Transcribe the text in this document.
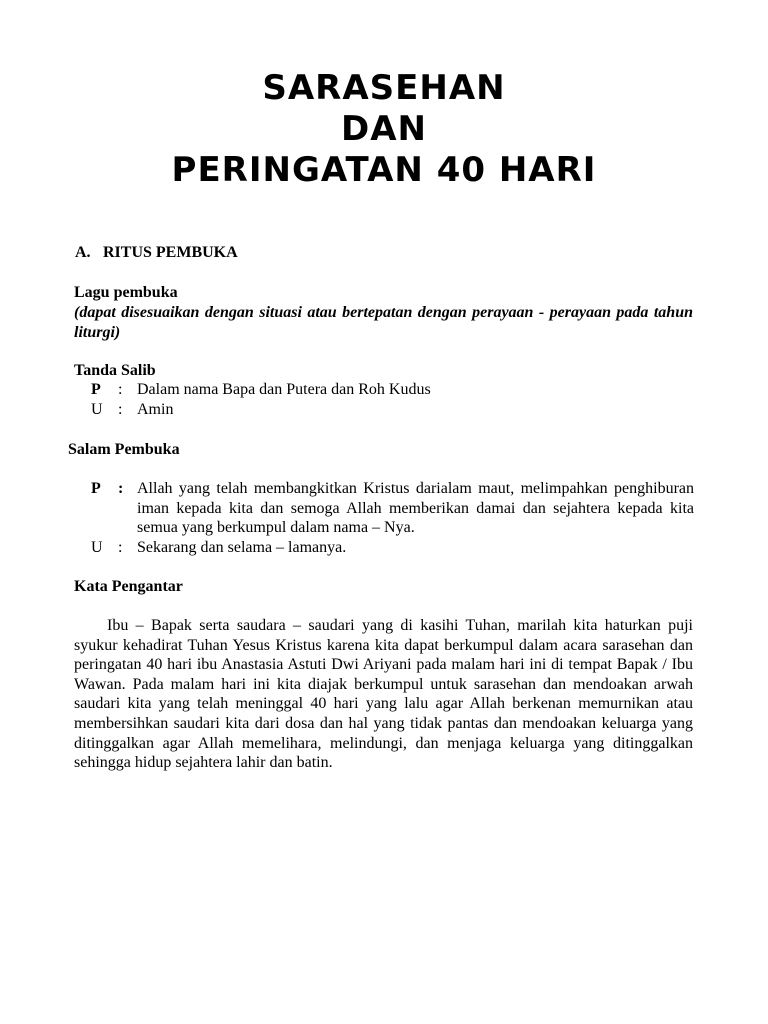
SARASEHAN
DAN
PERINGATAN 40 HARI
A. RITUS PEMBUKA
Lagu pembuka
(dapat disesuaikan dengan situasi atau bertepatan dengan perayaan - perayaan pada tahun liturgi)
Tanda Salib
P	: Dalam nama Bapa dan Putera dan Roh Kudus
U : Amin
Salam Pembuka
P	: Allah yang telah membangkitkan Kristus darialam maut, melimpahkan penghiburan iman kepada kita dan semoga Allah memberikan damai dan sejahtera kepada kita semua yang berkumpul dalam nama – Nya.
U : Sekarang dan selama – lamanya.
Kata Pengantar
Ibu – Bapak serta saudara – saudari yang di kasihi Tuhan, marilah kita haturkan puji syukur kehadirat Tuhan Yesus Kristus karena kita dapat berkumpul dalam acara sarasehan dan peringatan 40 hari ibu Anastasia Astuti Dwi Ariyani pada malam hari ini di tempat Bapak / Ibu Wawan. Pada malam hari ini kita diajak berkumpul untuk sarasehan dan mendoakan arwah saudari kita yang telah meninggal 40 hari yang lalu agar Allah berkenan memurnikan atau membersihkan saudari kita dari dosa dan hal yang tidak pantas dan mendoakan keluarga yang ditinggalkan agar Allah memelihara, melindungi, dan menjaga keluarga yang ditinggalkan sehingga hidup sejahtera lahir dan batin.
